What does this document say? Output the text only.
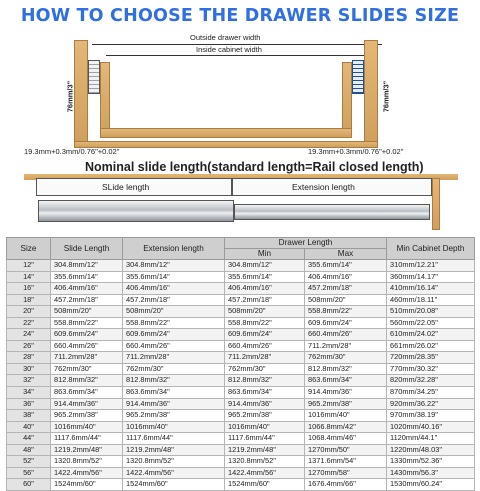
HOW TO CHOOSE THE DRAWER SLIDES SIZE
Outside drawer width
Inside cabinet width
76mm/3"	76mm/3"
19.3mm+0.3mm/0.76"+0.02"	19.3mm+0.3mm/0.76"+0.02"
Nominal slide length(standard length=Rail closed length)
SLide length	Extension length
Size	Slide Length	Extension length	Drawer Length		Min Cabinet Depth
			Min	Max	
12"	304.8mm/12"	304.8mm/12"	304.8mm/12"	355.6mm/14"	310mm/12.21"
14"	355.6mm/14"	355.6mm/14"	355.6mm/14"	406.4mm/16"	360mm/14.17"
16"	406.4mm/16"	406.4mm/16"	406.4mm/16"	457.2mm/18"	410mm/16.14"
18"	457.2mm/18"	457.2mm/18"	457.2mm/18"	508mm/20"	460mm/18.11"
20"	508mm/20"	508mm/20"	508mm/20"	558.8mm/22"	510mm/20.08"
22"	558.8mm/22"	558.8mm/22"	558.8mm/22"	609.6mm/24"	560mm/22.05"
24"	609.6mm/24"	609.6mm/24"	609.6mm/24"	660.4mm/26"	610mm/24.02"
26"	660.4mm/26"	660.4mm/26"	660.4mm/26"	711.2mm/28"	661mm/26.02"
28"	711.2mm/28"	711.2mm/28"	711.2mm/28"	762mm/30"	720mm/28.35"
30"	762mm/30"	762mm/30"	762mm/30"	812.8mm/32"	770mm/30.32"
32"	812.8mm/32"	812.8mm/32"	812.8mm/32"	863.6mm/34"	820mm/32.28"
34"	863.6mm/34"	863.6mm/34"	863.6mm/34"	914.4mm/36"	870mm/34.25"
36"	914.4mm/36"	914.4mm/36"	914.4mm/36"	965.2mm/38"	920mm/36.22"
38"	965.2mm/38"	965.2mm/38"	965.2mm/38"	1016mm/40"	970mm/38.19"
40"	1016mm/40"	1016mm/40"	1016mm/40"	1066.8mm/42"	1020mm/40.16"
44"	1117.6mm/44"	1117.6mm/44"	1117.6mm/44"	1068.4mm/46"	1120mm/44.1"
48"	1219.2mm/48"	1219.2mm/48"	1219.2mm/48"	1270mm/50"	1220mm/48.03"
52"	1320.8mm/52"	1320.8mm/52"	1320.8mm/52"	1371.6mm/54"	1330mm/52.36"
56"	1422.4mm/56"	1422.4mm/56"	1422.4mm/56"	1270mm/58"	1430mm/56.3"
60"	1524mm/60"	1524mm/60"	1524mm/60"	1676.4mm/66"	1530mm/60.24"
